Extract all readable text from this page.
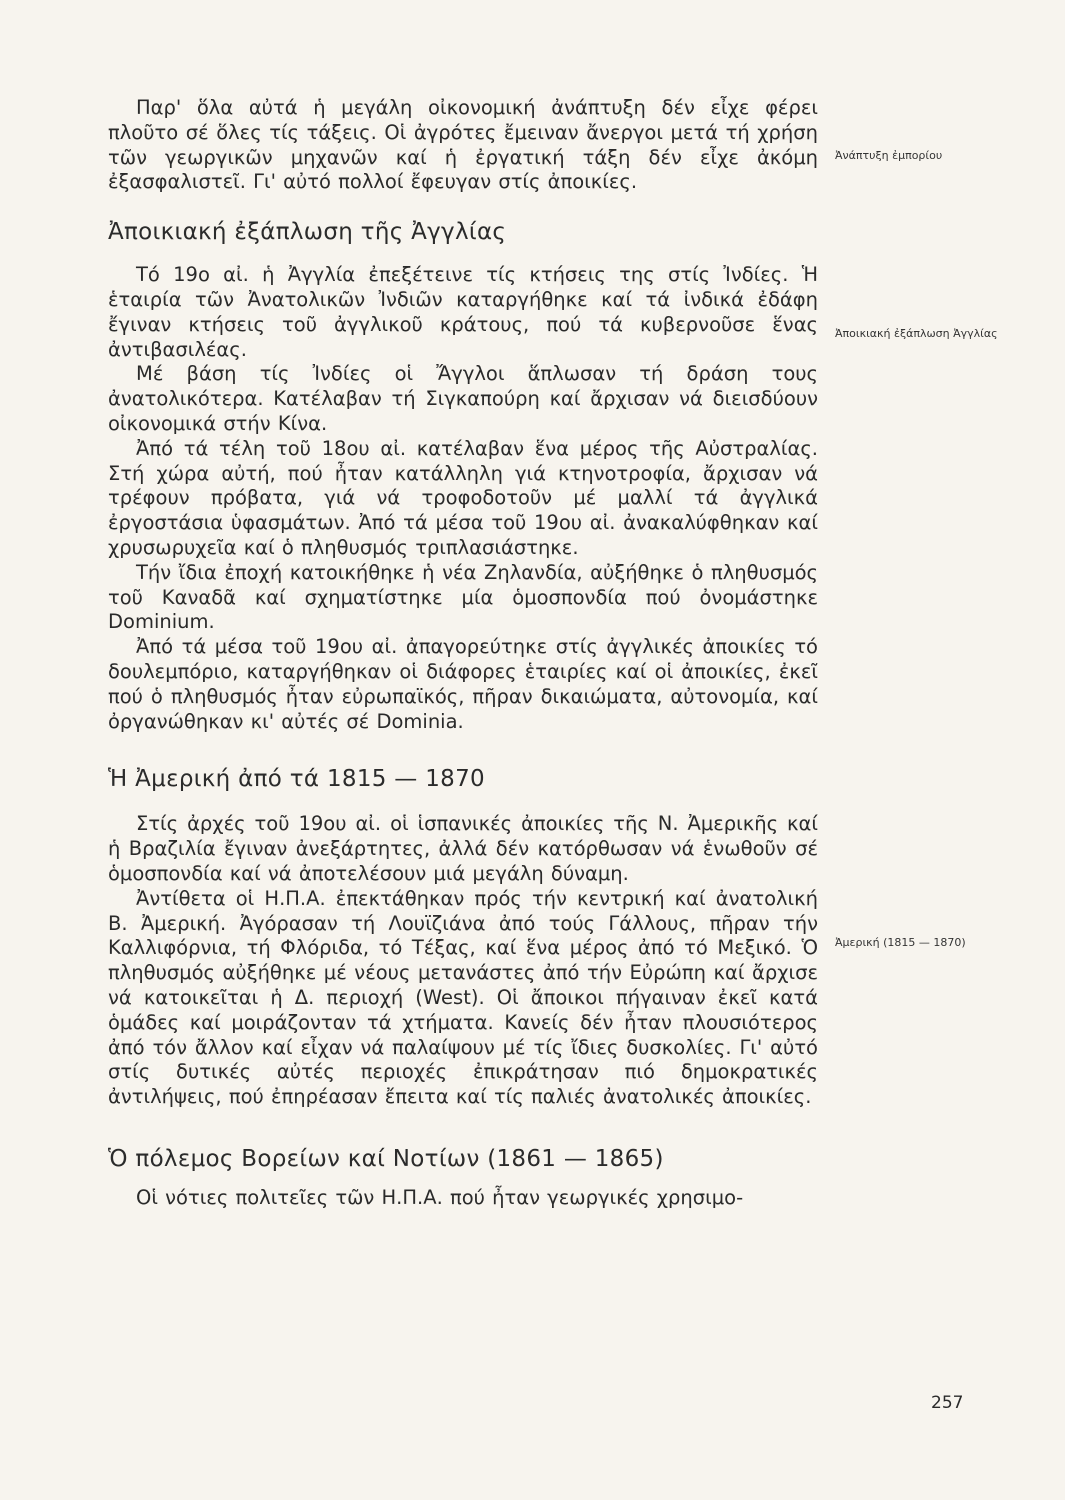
Παρ' ὅλα αὐτά ἡ μεγάλη οἰκονομική ἀνάπτυξη δέν εἶχε φέρει πλοῦτο σέ ὅλες τίς τάξεις. Οἱ ἀγρότες ἔμειναν ἄνεργοι μετά τή χρήση τῶν γεωργικῶν μηχανῶν καί ἡ ἐργατική τάξη δέν εἶχε ἀκόμη ἐξασφαλιστεῖ. Γι' αὐτό πολλοί ἔφευγαν στίς ἀποικίες.

Ἀποικιακή ἐξάπλωση τῆς Ἀγγλίας

Τό 19ο αἰ. ἡ Ἀγγλία ἐπεξέτεινε τίς κτήσεις της στίς Ἰνδίες. Ἡ ἑταιρία τῶν Ἀνατολικῶν Ἰνδιῶν καταργήθηκε καί τά ἰνδικά ἐδάφη ἔγιναν κτήσεις τοῦ ἀγγλικοῦ κράτους, πού τά κυβερνοῦσε ἕνας ἀντιβασιλέας.

Μέ βάση τίς Ἰνδίες οἱ Ἄγγλοι ἅπλωσαν τή δράση τους ἀνατολικότερα. Κατέλαβαν τή Σιγκαπούρη καί ἄρχισαν νά διεισδύουν οἰκονομικά στήν Κίνα.

Ἀπό τά τέλη τοῦ 18ου αἰ. κατέλαβαν ἕνα μέρος τῆς Αὐστραλίας. Στή χώρα αὐτή, πού ἦταν κατάλληλη γιά κτηνοτροφία, ἄρχισαν νά τρέφουν πρόβατα, γιά νά τροφοδοτοῦν μέ μαλλί τά ἀγγλικά ἐργοστάσια ὑφασμάτων. Ἀπό τά μέσα τοῦ 19ου αἰ. ἀνακαλύφθηκαν καί χρυσωρυχεῖα καί ὁ πληθυσμός τριπλασιάστηκε.

Τήν ἴδια ἐποχή κατοικήθηκε ἡ νέα Ζηλανδία, αὐξήθηκε ὁ πληθυσμός τοῦ Καναδᾶ καί σχηματίστηκε μία ὁμοσπονδία πού ὀνομάστηκε Dominium.

Ἀπό τά μέσα τοῦ 19ου αἰ. ἀπαγορεύτηκε στίς ἀγγλικές ἀποικίες τό δουλεμπόριο, καταργήθηκαν οἱ διάφορες ἑταιρίες καί οἱ ἀποικίες, ἐκεῖ πού ὁ πληθυσμός ἦταν εὐρωπαϊκός, πῆραν δικαιώματα, αὐτονομία, καί ὀργανώθηκαν κι' αὐτές σέ Dominia.

Ἡ Ἀμερική ἀπό τά 1815 — 1870

Στίς ἀρχές τοῦ 19ου αἰ. οἱ ἱσπανικές ἀποικίες τῆς Ν. Ἀμερικῆς καί ἡ Βραζιλία ἔγιναν ἀνεξάρτητες, ἀλλά δέν κατόρθωσαν νά ἑνωθοῦν σέ ὁμοσπονδία καί νά ἀποτελέσουν μιά μεγάλη δύναμη.

Ἀντίθετα οἱ Η.Π.Α. ἐπεκτάθηκαν πρός τήν κεντρική καί ἀνατολική Β. Ἀμερική. Ἀγόρασαν τή Λουϊζιάνα ἀπό τούς Γάλλους, πῆραν τήν Καλλιφόρνια, τή Φλόριδα, τό Τέξας, καί ἕνα μέρος ἀπό τό Μεξικό. Ὁ πληθυσμός αὐξήθηκε μέ νέους μετανάστες ἀπό τήν Εὐρώπη καί ἄρχισε νά κατοικεῖται ἡ Δ. περιοχή (West). Οἱ ἄποικοι πήγαιναν ἐκεῖ κατά ὁμάδες καί μοιράζονταν τά χτήματα. Κανείς δέν ἦταν πλουσιότερος ἀπό τόν ἄλλον καί εἶχαν νά παλαίψουν μέ τίς ἴδιες δυσκολίες. Γι' αὐτό στίς δυτικές αὐτές περιοχές ἐπικράτησαν πιό δημοκρατικές ἀντιλήψεις, πού ἐπηρέασαν ἔπειτα καί τίς παλιές ἀνατολικές ἀποικίες.

Ὁ πόλεμος Βορείων καί Νοτίων (1861 — 1865)

Οἱ νότιες πολιτεῖες τῶν Η.Π.Α. πού ἦταν γεωργικές χρησιμο-

Ἀνάπτυξη ἐμπορίου
Ἀποικιακή ἐξάπλωση Ἀγγλίας
Ἀμερική (1815 — 1870)
257
